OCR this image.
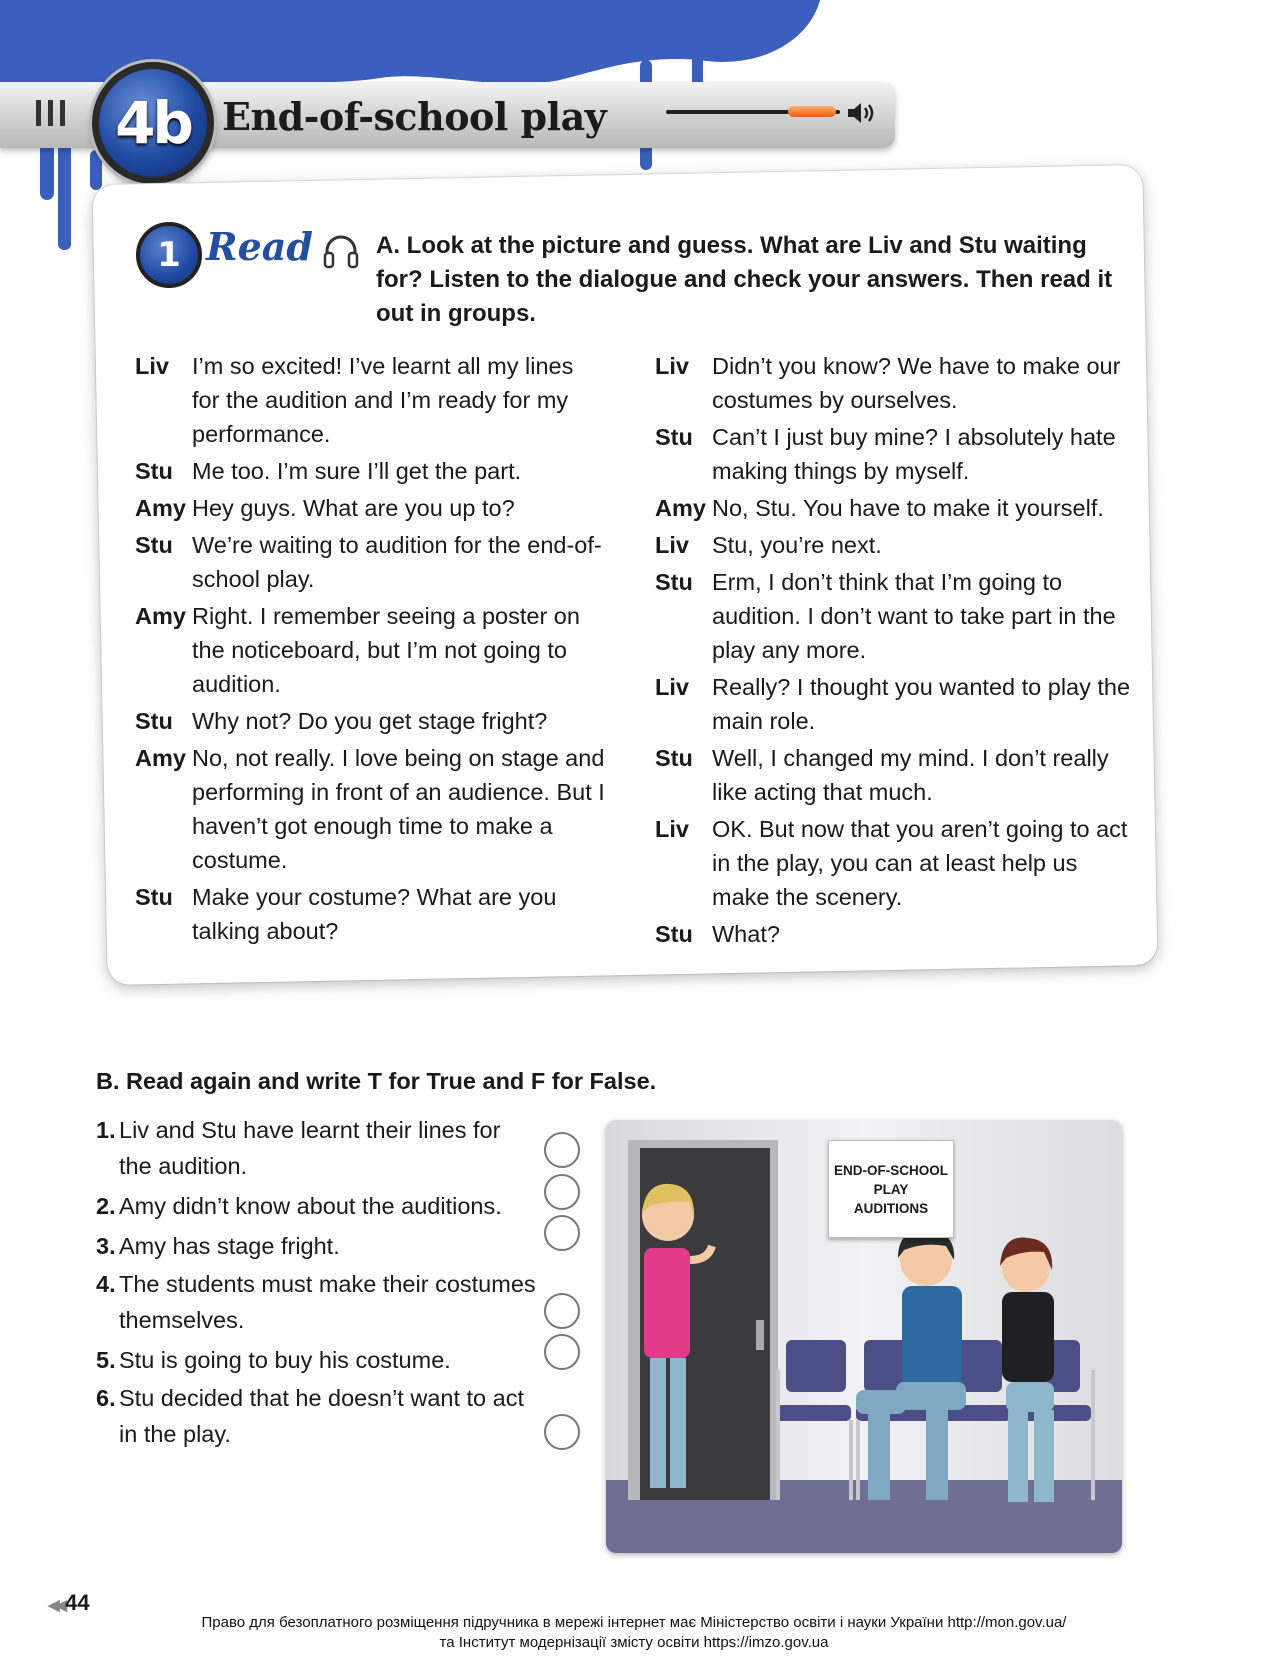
4b End-of-school play
1 Read	A. Look at the picture and guess. What are Liv and Stu waiting for? Listen to the dialogue and check your answers. Then read it out in groups.
Liv I’m so excited! I’ve learnt all my lines for the audition and I’m ready for my performance.
Stu Me too. I’m sure I’ll get the part.
Amy Hey guys. What are you up to?
Stu We’re waiting to audition for the end-of-school play.
Amy Right. I remember seeing a poster on the noticeboard, but I’m not going to audition.
Stu Why not? Do you get stage fright?
Amy No, not really. I love being on stage and performing in front of an audience. But I haven’t got enough time to make a costume.
Stu Make your costume? What are you talking about?
Liv Didn’t you know? We have to make our costumes by ourselves.
Stu Can’t I just buy mine? I absolutely hate making things by myself.
Amy No, Stu. You have to make it yourself.
Liv Stu, you’re next.
Stu Erm, I don’t think that I’m going to audition. I don’t want to take part in the play any more.
Liv Really? I thought you wanted to play the main role.
Stu Well, I changed my mind. I don’t really like acting that much.
Liv OK. But now that you aren’t going to act in the play, you can at least help us make the scenery.
Stu What?
B. Read again and write T for True and F for False.
1. Liv and Stu have learnt their lines for the audition.
2. Amy didn’t know about the auditions.
3. Amy has stage fright.
4. The students must make their costumes themselves.
5. Stu is going to buy his costume.
6. Stu decided that he doesn’t want to act in the play.
END-OF-SCHOOL
PLAY
AUDITIONS
◀◀44
Право для безоплатного розміщення підручника в мережі інтернет має Міністерство освіти і науки України http://mon.gov.ua/
та Інститут модернізації змісту освіти https://imzo.gov.ua
